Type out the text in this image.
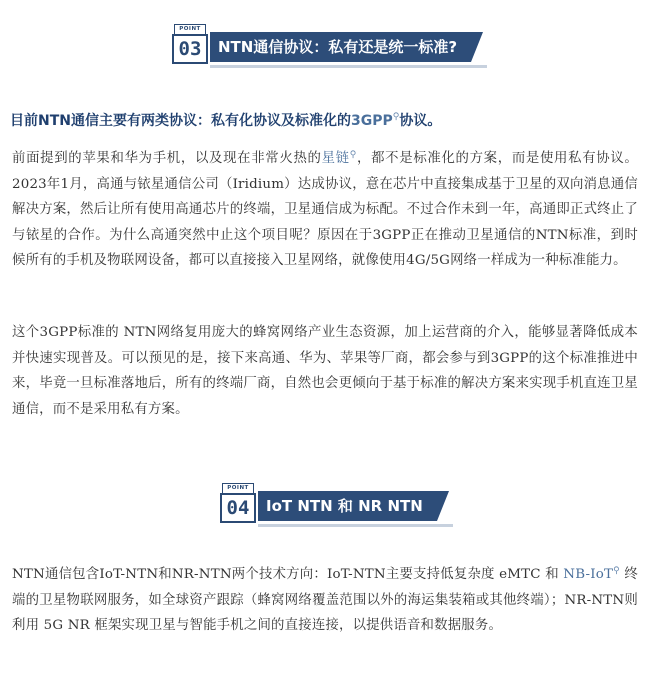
POINT
03	NTN通信协议：私有还是统一标准?
目前NTN通信主要有两类协议：私有化协议及标准化的3GPP⚲协议。
前面提到的苹果和华为手机，以及现在非常火热的星链⚲，都不是标准化的方案，而是使用私有协议。2023年1月，高通与铱星通信公司（Iridium）达成协议，意在芯片中直接集成基于卫星的双向消息通信解决方案，然后让所有使用高通芯片的终端，卫星通信成为标配。不过合作未到一年，高通即正式终止了与铱星的合作。为什么高通突然中止这个项目呢？原因在于3GPP正在推动卫星通信的NTN标准，到时候所有的手机及物联网设备，都可以直接接入卫星网络，就像使用4G/5G网络一样成为一种标准能力。
这个3GPP标准的 NTN网络复用庞大的蜂窝网络产业生态资源，加上运营商的介入，能够显著降低成本并快速实现普及。可以预见的是，接下来高通、华为、苹果等厂商，都会参与到3GPP的这个标准推进中来，毕竟一旦标准落地后，所有的终端厂商，自然也会更倾向于基于标准的解决方案来实现手机直连卫星通信，而不是采用私有方案。
POINT
04	IoT NTN 和 NR NTN
NTN通信包含IoT-NTN和NR-NTN两个技术方向：IoT-NTN主要支持低复杂度 eMTC 和 NB-IoT⚲ 终端的卫星物联网服务，如全球资产跟踪（蜂窝网络覆盖范围以外的海运集装箱或其他终端）；NR-NTN则利用 5G NR 框架实现卫星与智能手机之间的直接连接，以提供语音和数据服务。
